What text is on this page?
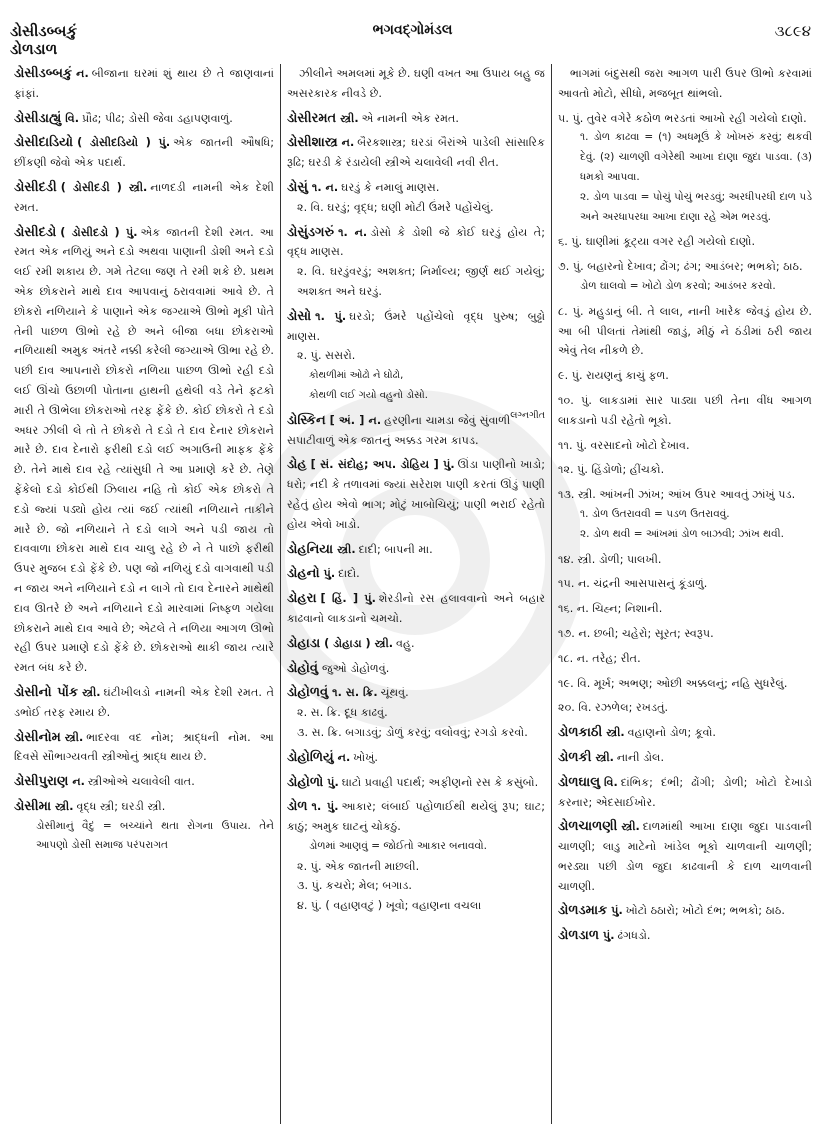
ડોસીડબ્બકું
ડોળડાળ
ભગવદ્ગોમંડલ	૩૮૯૪
ડોસીડબ્બકું ન. બીજાના ઘરમાં શું થાય છે તે જાણવાનાં ફાંફાં.
ડોસીડાહ્યું વિ. પ્રૌઢ; પીઢ; ડોસી જેવા ડહાપણવાળું.
ડોસીદાડિયો ( ડોસીદડિયો ) પું. એક જાતની ઔષધિ; છીંકણી જેવો એક પદાર્થ.
ડોસીદડી ( ડોસીદડી ) સ્ત્રી. નાળદડી નામની એક દેશી રમત.
ડોસીદડો ( ડોસીદડો ) પું. એક જાતની દેશી રમત. આ રમત એક નળિયું અને દડો અથવા પાણાની ડોશી અને દડો લઈ રમી શકાય છે. ગમે તેટલા જણ તે રમી શકે છે. પ્રથમ એક છોકરાને માથે દાવ આપવાનું ઠરાવવામાં આવે છે. તે છોકરો નળિયાને કે પાણાને એક જગ્યાએ ઊભો મૂકી પોતે તેની પાછળ ઊભો રહે છે અને બીજા બધા છોકરાઓ નળિયાથી અમુક અંતરે નક્કી કરેલી જગ્યાએ ઊભા રહે છે. પછી દાવ આપનારો છોકરો નળિયા પાછળ ઊભો રહી દડો લઈ ઊંચો ઉછાળી પોતાના હાથની હથેલી વડે તેને ફટકો મારી તે ઊભેલા છોકરાઓ તરફ ફેંકે છે. કોઈ છોકરો તે દડો અધર ઝીલી લે તો તે છોકરો તે દડો તે દાવ દેનાર છોકરાને મારે છે. દાવ દેનારો ફરીથી દડો લઈ અગાઉની માફક ફેંકે છે. તેને માથે દાવ રહે ત્યાંસુધી તે આ પ્રમાણે કરે છે. તેણે ફેંકેલો દડો કોઈથી ઝિલાય નહિ તો કોઈ એક છોકરો તે દડો જ્યાં પડ્યો હોય ત્યાં જઈ ત્યાંથી નળિયાને તાકીને મારે છે. જો નળિયાને તે દડો લાગે અને પડી જાય તો દાવવાળા છોકરા માથે દાવ ચાલુ રહે છે ને તે પાછો ફરીથી ઉપર મુજબ દડો ફેંકે છે. પણ જો નળિયું દડો વાગવાથી પડી ન જાય અને નળિયાને દડો ન લાગે તો દાવ દેનારને માથેથી દાવ ઊતરે છે અને નળિયાને દડો મારવામાં નિષ્ફળ ગયેલા છોકરાને માથે દાવ આવે છે; એટલે તે નળિયા આગળ ઊભો રહી ઉપર પ્રમાણે દડો ફેંકે છે. છોકરાઓ થાકી જાય ત્યારે રમત બંધ કરે છે.
ડોસીનો પોંક સ્ત્રી. ઘંટીખીલડો નામની એક દેશી રમત. તે ડભોઈ તરફ રમાય છે.
ડોસીનોમ સ્ત્રી. ભાદરવા વદ નોમ; શ્રાદ્ધની નોમ. આ દિવસે સૌભાગ્યવતી સ્ત્રીઓનું શ્રાદ્ધ થાય છે.
ડોસીપુરાણ ન. સ્ત્રીઓએ ચલાવેલી વાત.
ડોસીમા સ્ત્રી. વૃદ્ધ સ્ત્રી; ઘરડી સ્ત્રી.
ડોસીમાનું વૈદું = બચ્ચાંને થતા રોગના ઉપાય. તેને આપણો ડોસી સમાજ પરંપરાગત
ઝીલીને અમલમાં મૂકે છે. ઘણી વખત આ ઉપાય બહુ જ અસરકારક નીવડે છે.
ડોસીરમત સ્ત્રી. એ નામની એક રમત.
ડોસીશાસ્ત્ર ન. બૈરકશાસ્ત્ર; ઘરડાં બૈરાંએ પાડેલી સાંસારિક રૂઢિ; ઘરડી કે રંડાયેલી સ્ત્રીએ ચલાવેલી નવી રીત.
ડોસું ૧. ન. ઘરડું કે નમાલું માણસ.
૨. વિ. ઘરડું; વૃદ્ધ; ઘણી મોટી ઉંમરે પહોંચેલું.
ડોસુંડગરું ૧. ન. ડોસો કે ડોશી જે કોઈ ઘરડું હોય તે; વૃદ્ધ માણસ.
૨. વિ. ઘરડુંવરડું; અશક્ત; નિર્માલ્ય; જીર્ણ થઈ ગયેલું; અશક્ત અને ઘરડું.
ડોસો ૧. પું. ઘરડો; ઉંમરે પહોંચેલો વૃદ્ધ પુરુષ; બુઢ્ઢો માણસ.
૨. પું. સસરો.
કોથળીમાં ઓઢો ને ઘોઢો,
કોથળી લઈ ગયો વહુનો ડોસો.
લગ્નગીત
ડોસ્કિન [ અં. ] ન. હરણીના ચામડા જેવું સુંવાળી સપાટીવાળું એક જાતનું અક્કડ ગરમ કાપડ.
ડોહ [ સં. સંદોહ; અપ. ડોહિય ] પું. ઊંડા પાણીનો ખાડો; ધરો; નદી કે તળાવમાં જ્યાં સરેરાશ પાણી કરતાં ઊંડું પાણી રહેતું હોય એવો ભાગ; મોટું ખાબોચિયું; પાણી ભરાઈ રહેતો હોય એવો ખાડો.
ડોહનિયા સ્ત્રી. દાદી; બાપની મા.
ડોહનો પું. દાદો.
ડોહરા [ હિં. ] પું. શેરડીનો રસ હલાવવાનો અને બહાર કાઢવાનો લાકડાનો ચમચો.
ડોહાડા ( ડોહાડા ) સ્ત્રી. વહુ.
ડોહોવું જુઓ ડોહોળવું.
ડોહોળવું ૧. સ. ક્રિ. ચૂંથવું.
૨. સ. ક્રિ. દૂધ કાઢવું.
૩. સ. ક્રિ. બગાડવું; ડોળું કરવું; વલોવવું; રગડો કરવો.
ડોહોળિયું ન. ખોખું.
ડોહોળો પું. ઘાટો પ્રવાહી પદાર્થ; અફીણનો રસ કે કસુંબો.
ડોળ ૧. પું. આકાર; લંબાઈ પહોળાઈથી થયેલું રૂપ; ઘાટ; કાઠું; અમુક ઘાટનું ચોકઠું.
ડોળમાં આણવું = જોઈતો આકાર બનાવવો.
૨. પું. એક જાતની માછલી.
૩. પું. કચરો; મેલ; બગાડ.
૪. પું. ( વહાણવટું ) ખૂવો; વહાણના વચલા
ભાગમાં બંદુસથી જરા આગળ પારી ઉપર ઊભો કરવામાં આવતો મોટો, સીધો, મજબૂત થાંભલો.
૫. પું. તુવેર વગેરે કઠોળ ભરડતાં આખો રહી ગયેલો દાણો.
૧. ડોળ કાઢવા = (૧) અધમૂઉં કે ખોખરું કરવું; થકવી દેવું. (૨) ચાળણી વગેરેથી આખા દાણા જુદા પાડવા. (૩) ધમકો આપવા.
૨. ડોળ પાડવા = પોચું પોચું ભરડવું; અરધીપરધી દાળ પડે અને અરધાપરધા આખા દાણા રહે એમ ભરડવું.
૬. પું. ઘાણીમાં કૂટ્યા વગર રહી ગયેલો દાણો.
૭. પું. બહારનો દેખાવ; ઢોંગ; ઢંગ; આડંબર; ભભકો; ઠાઠ.
ડોળ ઘાલવો = ખોટો ડોળ કરવો; આડંબર કરવો.
૮. પું. મહુડાનું બી. તે લાલ, નાની ખારેક જેવડું હોય છે. આ બી પીલતાં તેમાંથી જાડું, મીઠું ને ઠંડીમાં ઠરી જાય એવું તેલ નીકળે છે.
૯. પું. રાયણનું કાચું ફળ.
૧૦. પું. લાકડામાં સાર પાડ્યા પછી તેના વીંધ આગળ લાકડાનો પડી રહેતો ભૂકો.
૧૧. પું. વરસાદનો ખોટો દેખાવ.
૧૨. પું. હિંડોળો; હીંચકો.
૧૩. સ્ત્રી. આંખની ઝાંખ; આંખ ઉપર આવતું ઝાંખું પડ.
૧. ડોળ ઉતરાવવી = પડળ ઉતરાવવું.
૨. ડોળ થવી = આંખમાં ડોળ બાઝવી; ઝાંખ થવી.
૧૪. સ્ત્રી. ડોળી; પાલખી.
૧૫. ન. ચંદ્રની આસપાસનું કૂંડાળું.
૧૬. ન. ચિહ્ન; નિશાની.
૧૭. ન. છબી; ચહેરો; સૂરત; સ્વરૂપ.
૧૮. ન. તરેહ; રીત.
૧૯. વિ. મૂર્ખ; અભણ; ઓછી અક્કલનું; નહિ સુધરેલું.
૨૦. વિ. રઝળેલ; રખડતું.
ડોળકાઠી સ્ત્રી. વહાણનો ડોળ; કૂવો.
ડોળકી સ્ત્રી. નાની ડોલ.
ડોળઘાલુ વિ. દાંભિક; દંભી; ઢોંગી; ડોળી; ખોટો દેખાડો કરનાર; એદસાઈખોર.
ડોળચાળણી સ્ત્રી. દાળમાંથી આખા દાણા જુદા પાડવાની ચાળણી; લાડુ માટેનો ખાંડેલ ભૂકો ચાળવાની ચાળણી; ભરડ્યા પછી ડોળ જુદા કાઢવાની કે દાળ ચાળવાની ચાળણી.
ડોળડમાક પું. ખોટો ઠઠારો; ખોટો દંભ; ભભકો; ઠાઠ.
ડોળડાળ પું. ઢંગધડો.
